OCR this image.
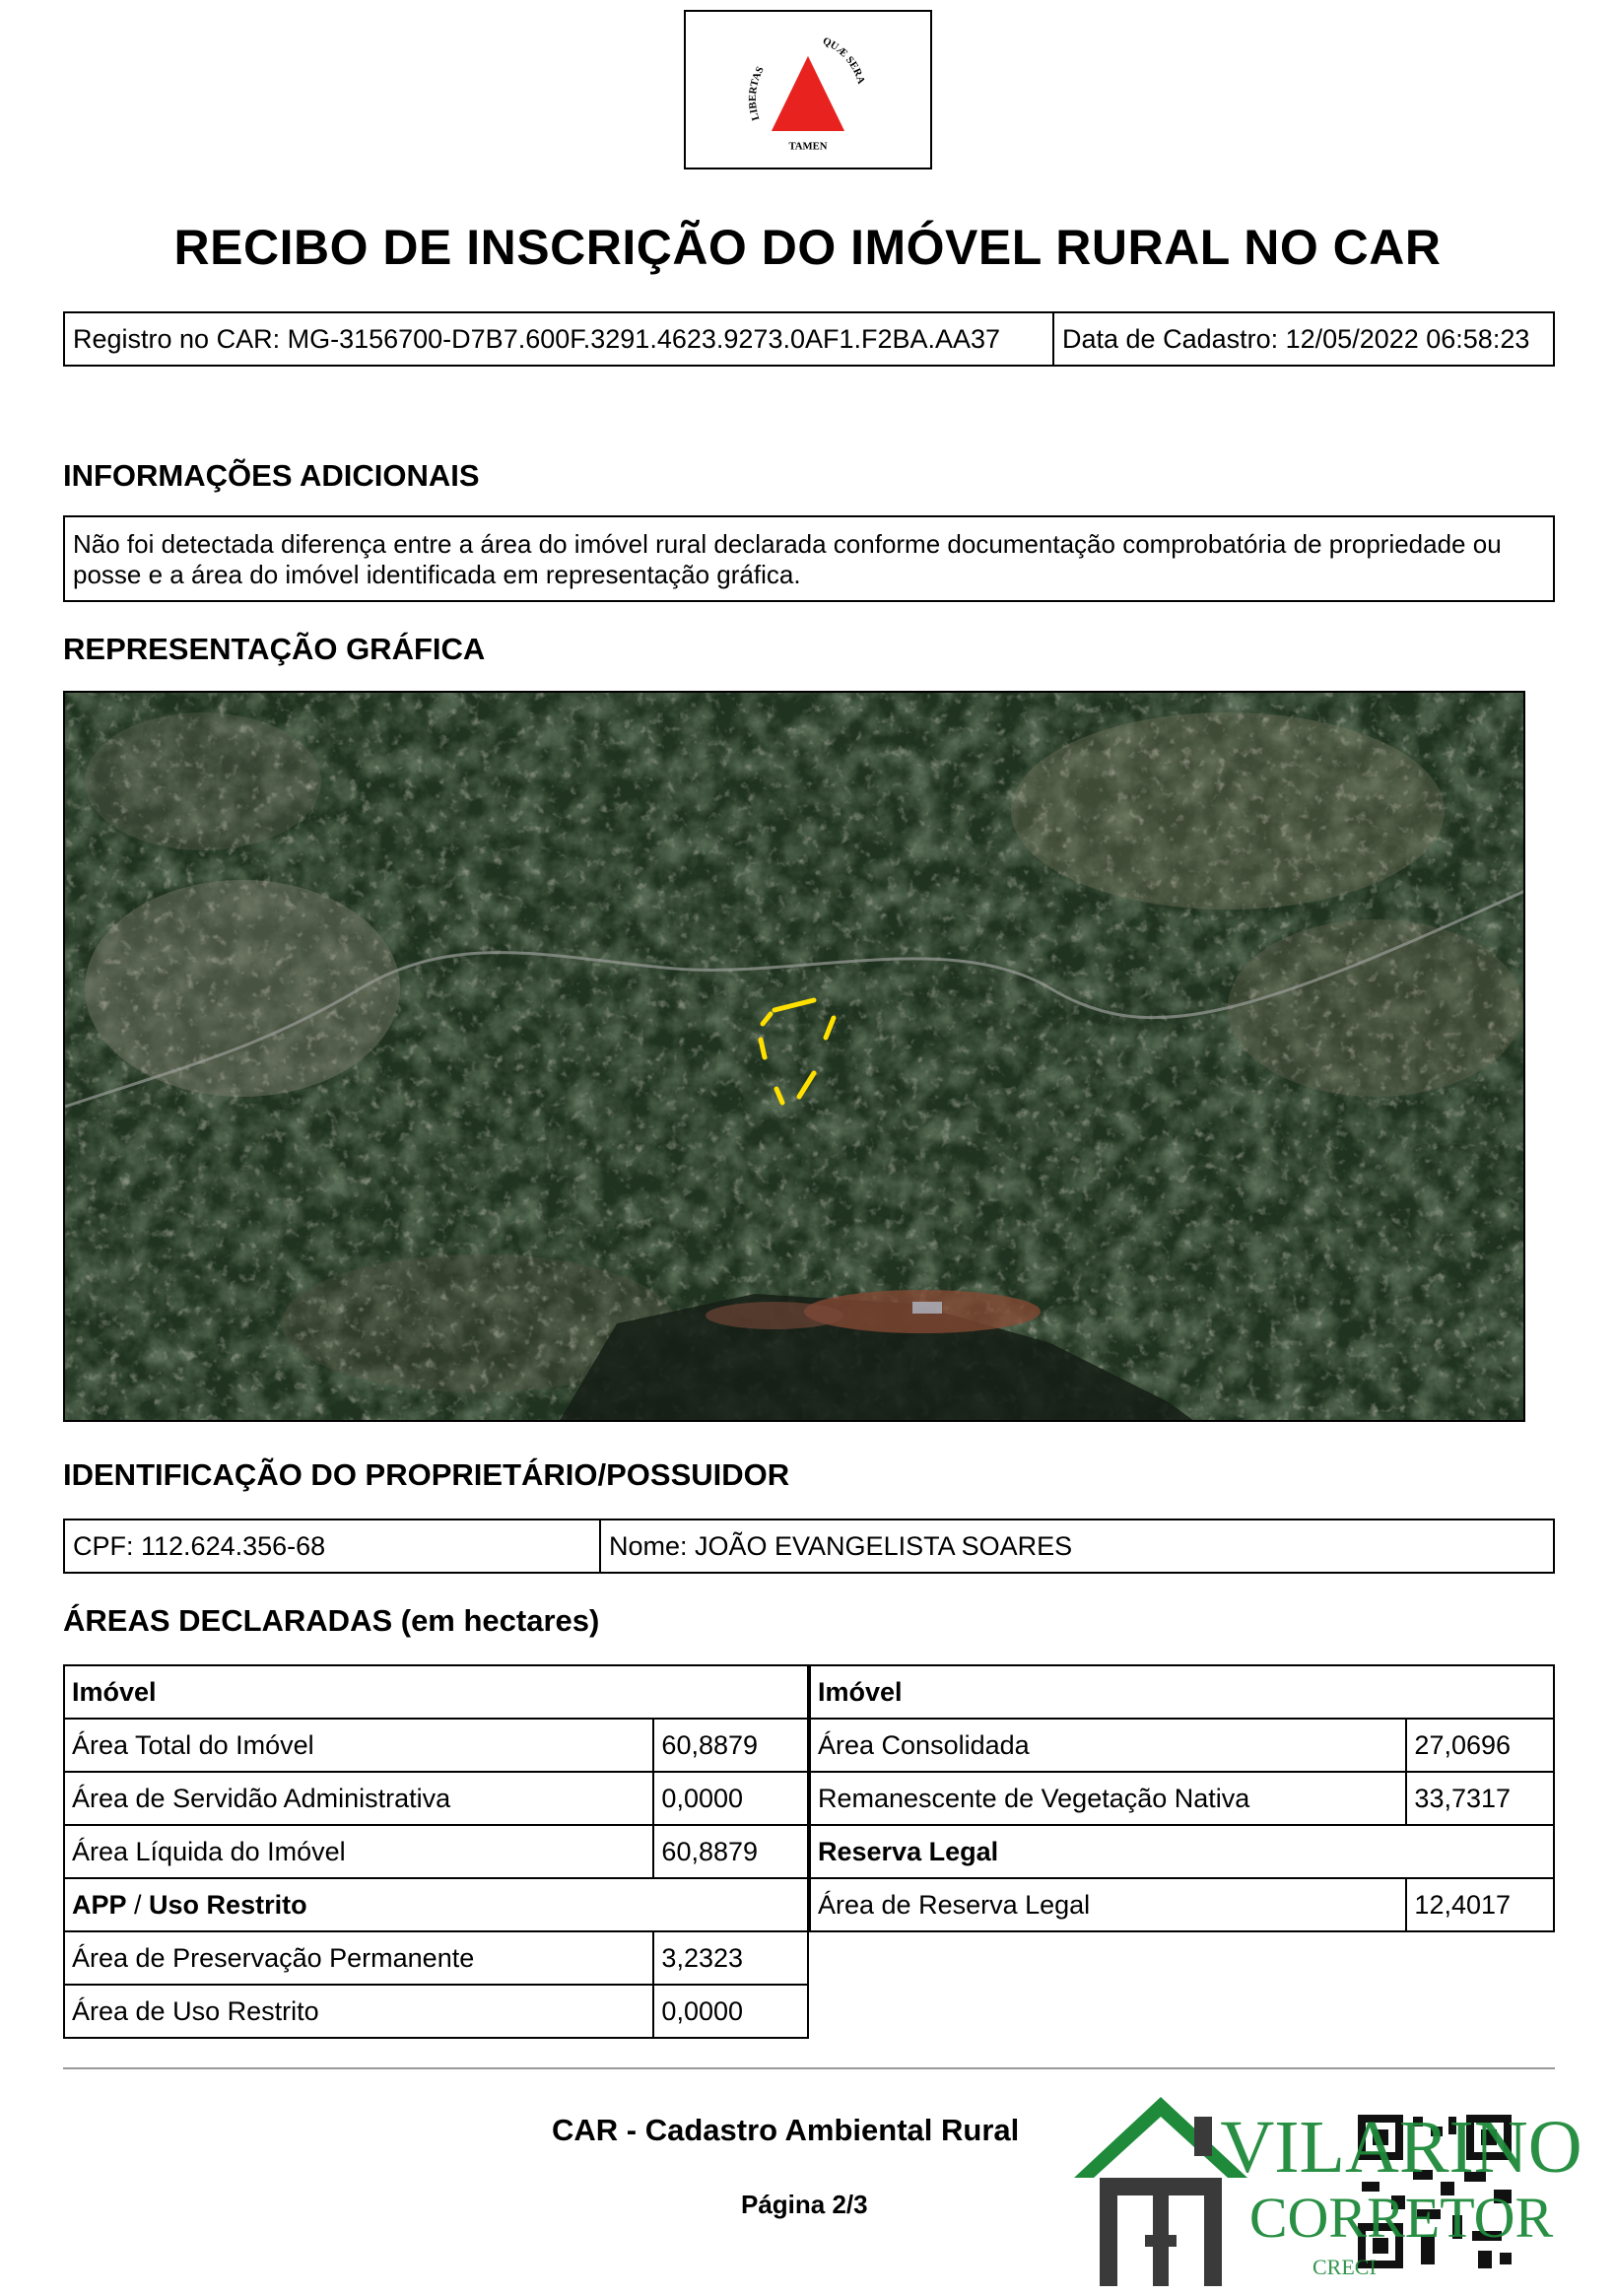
LIBERTAS
QUÆ SERA
TAMEN
RECIBO DE INSCRIÇÃO DO IMÓVEL RURAL NO CAR
Registro no CAR: MG-3156700-D7B7.600F.3291.4623.9273.0AF1.F2BA.AA37	Data de Cadastro: 12/05/2022 06:58:23
INFORMAÇÕES ADICIONAIS
Não foi detectada diferença entre a área do imóvel rural declarada conforme documentação comprobatória de propriedade ou posse e a área do imóvel identificada em representação gráfica.
REPRESENTAÇÃO GRÁFICA
IDENTIFICAÇÃO DO PROPRIETÁRIO/POSSUIDOR
CPF: 112.624.356-68	Nome: JOÃO EVANGELISTA SOARES
ÁREAS DECLARADAS (em hectares)
Imóvel	
Área Total do Imóvel	60,8879
Área de Servidão Administrativa	0,0000
Área Líquida do Imóvel	60,8879
APP / Uso Restrito	
Área de Preservação Permanente	3,2323
Área de Uso Restrito	0,0000
Imóvel	
Área Consolidada	27,0696
Remanescente de Vegetação Nativa	33,7317
Reserva Legal	
Área de Reserva Legal	12,4017
CAR - Cadastro Ambiental Rural
Página 2/3
VILARINO
CORRETOR
CRECI
